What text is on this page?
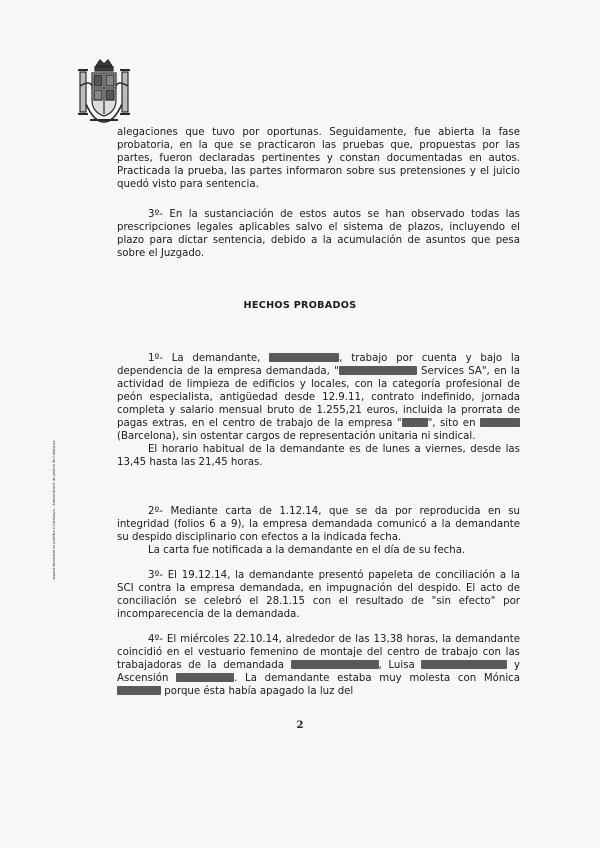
Aquest document es justifica a Catalunya - Administració de Justícia de Catalunya

alegaciones que tuvo por oportunas. Seguidamente, fue abierta la fase probatoria, en la que se practicaron las pruebas que, propuestas por las partes, fueron declaradas pertinentes y constan documentadas en autos. Practicada la prueba, las partes informaron sobre sus pretensiones y el juicio quedó visto para sentencia.

3º- En la sustanciación de estos autos se han observado todas las prescripciones legales aplicables salvo el sistema de plazos, incluyendo el plazo para dictar sentencia, debido a la acumulación de asuntos que pesa sobre el Juzgado.

HECHOS PROBADOS

1º- La demandante,	, trabajo por cuenta y bajo la dependencia de la empresa demandada, "	Services SA", en la actividad de limpieza de edificios y locales, con la categoría profesional de peón especialista, antigüedad desde 12.9.11, contrato indefinido, jornada completa y salario mensual bruto de 1.255,21 euros, incluida la prorrata de pagas extras, en el centro de trabajo de la empresa "	", sito en  (Barcelona), sin ostentar cargos de representación unitaria ni sindical.

El horario habitual de la demandante es de lunes a viernes, desde las 13,45 hasta las 21,45 horas.

2º- Mediante carta de 1.12.14, que se da por reproducida en su integridad (folios 6 a 9), la empresa demandada comunicó a la demandante su despido disciplinario con efectos a la indicada fecha.

La carta fue notificada a la demandante en el día de su fecha.

3º- El 19.12.14, la demandante presentó papeleta de conciliación a la SCI contra la empresa demandada, en impugnación del despido. El acto de conciliación se celebró el 28.1.15 con el resultado de "sin efecto" por incomparecencia de la demandada.

4º- El miércoles 22.10.14, alrededor de las 13,38 horas, la demandante coincidió en el vestuario femenino de montaje del centro de trabajo con las trabajadoras de la demandada	, Luisa	y Ascensión	. La demandante estaba muy molesta con Mónica  porque ésta había apagado la luz del

2
